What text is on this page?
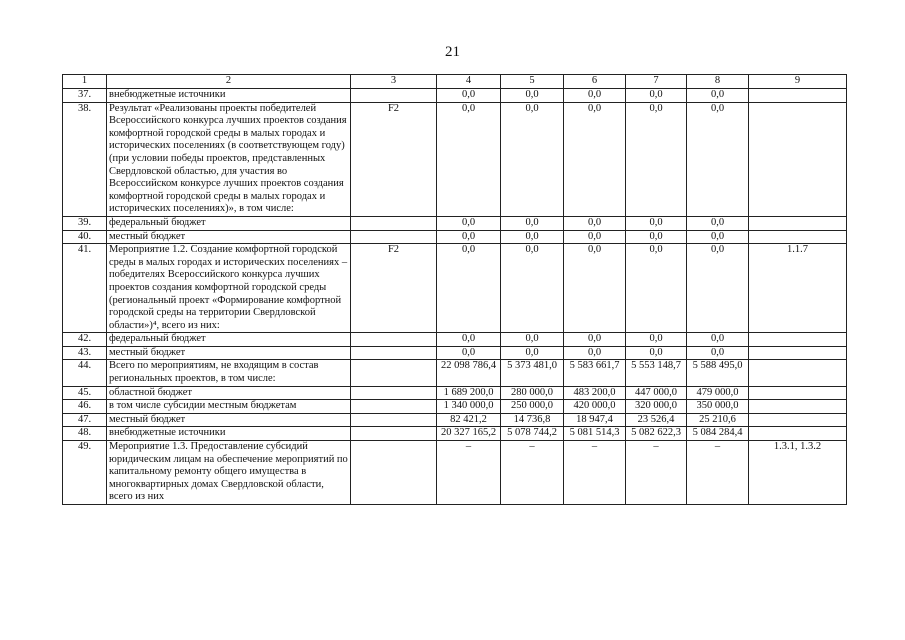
21
1	2	3	4	5	6	7	8	9
37.	внебюджетные источники		0,0	0,0	0,0	0,0	0,0	
38.	Результат «Реализованы проекты победителей Всероссийского конкурса лучших проектов создания комфортной городской среды в малых городах и исторических поселениях (в соответствующем году) (при условии победы проектов, представленных Свердловской областью, для участия во Всероссийском конкурсе лучших проектов создания комфортной городской среды в малых городах и исторических поселениях)», в том числе:	F2	0,0	0,0	0,0	0,0	0,0	
39.	федеральный бюджет		0,0	0,0	0,0	0,0	0,0	
40.	местный бюджет		0,0	0,0	0,0	0,0	0,0	
41.	Мероприятие 1.2. Создание комфортной городской среды в малых городах и исторических поселениях – победителях Всероссийского конкурса лучших проектов создания комфортной городской среды (региональный проект «Формирование комфортной городской среды на территории Свердловской области»)⁴, всего из них:	F2	0,0	0,0	0,0	0,0	0,0	1.1.7
42.	федеральный бюджет		0,0	0,0	0,0	0,0	0,0	
43.	местный бюджет		0,0	0,0	0,0	0,0	0,0	
44.	Всего по мероприятиям, не входящим в состав региональных проектов, в том числе:		22 098 786,4	5 373 481,0	5 583 661,7	5 553 148,7	5 588 495,0	
45.	областной бюджет		1 689 200,0	280 000,0	483 200,0	447 000,0	479 000,0	
46.	в том числе субсидии местным бюджетам		1 340 000,0	250 000,0	420 000,0	320 000,0	350 000,0	
47.	местный бюджет		82 421,2	14 736,8	18 947,4	23 526,4	25 210,6	
48.	внебюджетные источники		20 327 165,2	5 078 744,2	5 081 514,3	5 082 622,3	5 084 284,4	
49.	Мероприятие 1.3. Предоставление субсидий юридическим лицам на обеспечение мероприятий по капитальному ремонту общего имущества в многоквартирных домах Свердловской области, всего из них		–	–	–	–	–	1.3.1, 1.3.2
